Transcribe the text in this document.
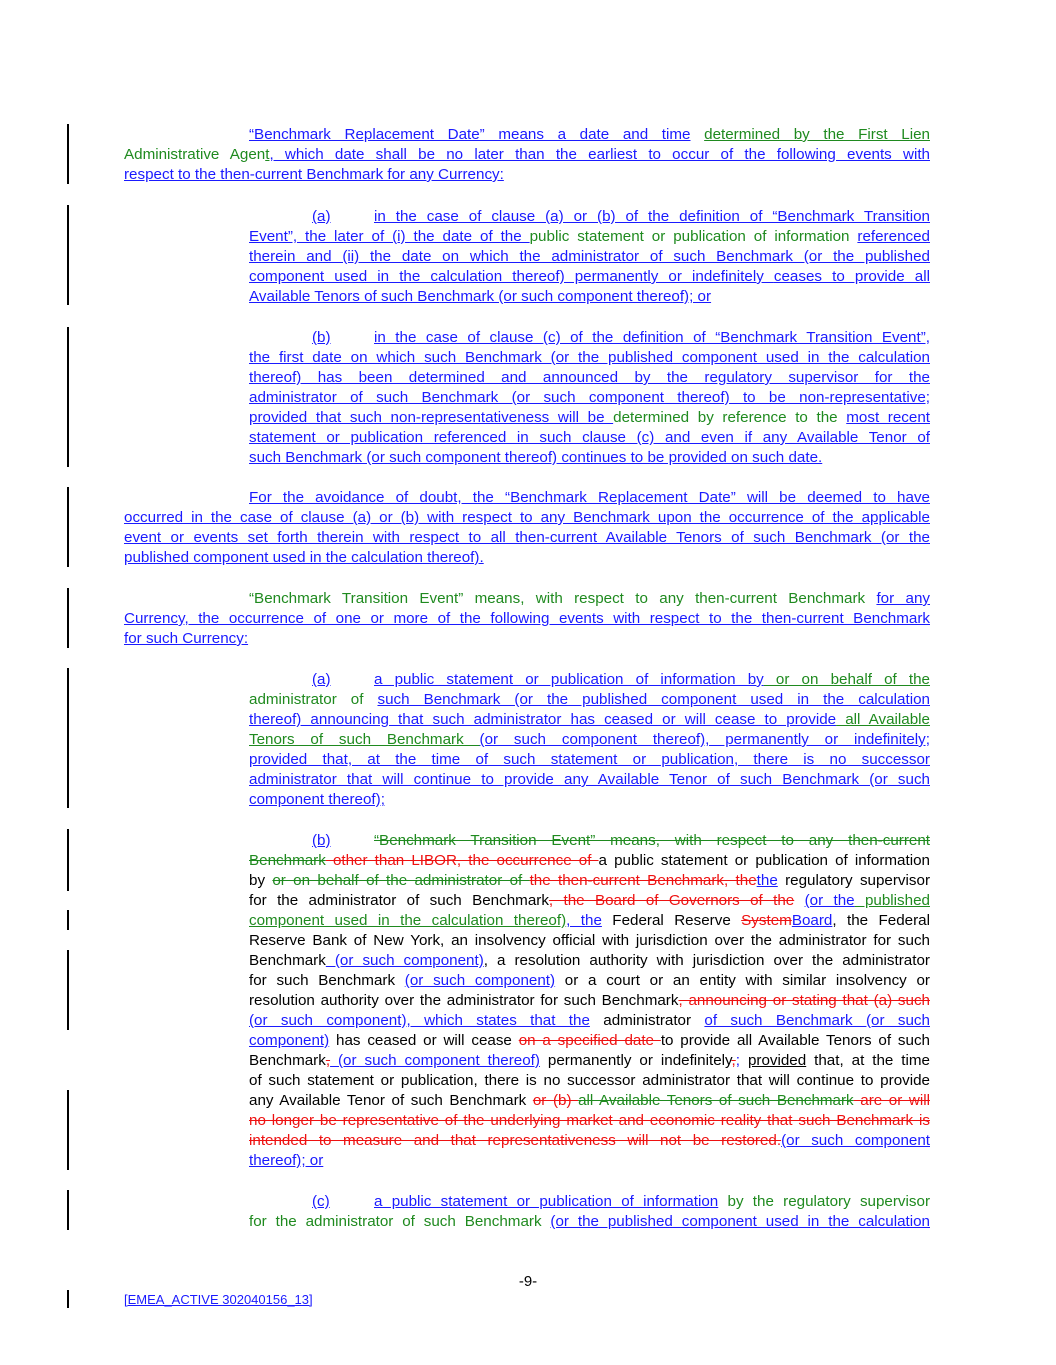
“Benchmark Replacement Date” means a date and time determined by the First Lien
Administrative Agent, which date shall be no later than the earliest to occur of the following events with
respect to the then-current Benchmark for any Currency:
(a)	in the case of clause (a) or (b) of the definition of “Benchmark Transition
Event”, the later of (i) the date of the public statement or publication of information referenced
therein and (ii) the date on which the administrator of such Benchmark (or the published
component used in the calculation thereof) permanently or indefinitely ceases to provide all
Available Tenors of such Benchmark (or such component thereof); or
(b)	in the case of clause (c) of the definition of “Benchmark Transition Event”,
the first date on which such Benchmark (or the published component used in the calculation
thereof) has been determined and announced by the regulatory supervisor for the
administrator of such Benchmark (or such component thereof) to be non-representative;
provided that such non-representativeness will be determined by reference to the most recent
statement or publication referenced in such clause (c) and even if any Available Tenor of
such Benchmark (or such component thereof) continues to be provided on such date.
For the avoidance of doubt, the “Benchmark Replacement Date” will be deemed to have
occurred in the case of clause (a) or (b) with respect to any Benchmark upon the occurrence of the applicable
event or events set forth therein with respect to all then-current Available Tenors of such Benchmark (or the
published component used in the calculation thereof).
“Benchmark Transition Event” means, with respect to any then-current Benchmark for any
Currency, the occurrence of one or more of the following events with respect to the then-current Benchmark
for such Currency:
(a)	a public statement or publication of information by or on behalf of the
administrator of such Benchmark (or the published component used in the calculation
thereof) announcing that such administrator has ceased or will cease to provide all Available
Tenors of such Benchmark (or such component thereof), permanently or indefinitely;
provided that, at the time of such statement or publication, there is no successor
administrator that will continue to provide any Available Tenor of such Benchmark (or such
component thereof);
(b)	“Benchmark Transition Event” means, with respect to any then-current
Benchmark other than LIBOR, the occurrence of a public statement or publication of information
by or on behalf of the administrator of the then-current Benchmark, thethe regulatory supervisor
for the administrator of such Benchmark, the Board of Governors of the (or the published
component used in the calculation thereof), the Federal Reserve SystemBoard, the Federal
Reserve Bank of New York, an insolvency official with jurisdiction over the administrator for such
Benchmark (or such component), a resolution authority with jurisdiction over the administrator
for such Benchmark (or such component) or a court or an entity with similar insolvency or
resolution authority over the administrator for such Benchmark, announcing or stating that (a) such
(or such component), which states that the administrator of such Benchmark (or such
component) has ceased or will cease on a specified date to provide all Available Tenors of such
Benchmark, (or such component thereof) permanently or indefinitely,; provided that, at the time
of such statement or publication, there is no successor administrator that will continue to provide
any Available Tenor of such Benchmark or (b) all Available Tenors of such Benchmark are or will
no longer be representative of the underlying market and economic reality that such Benchmark is
intended to measure and that representativeness will not be restored.(or such component
thereof); or
(c)	a public statement or publication of information by the regulatory supervisor
for the administrator of such Benchmark (or the published component used in the calculation
-9-
[EMEA_ACTIVE 302040156_13]
